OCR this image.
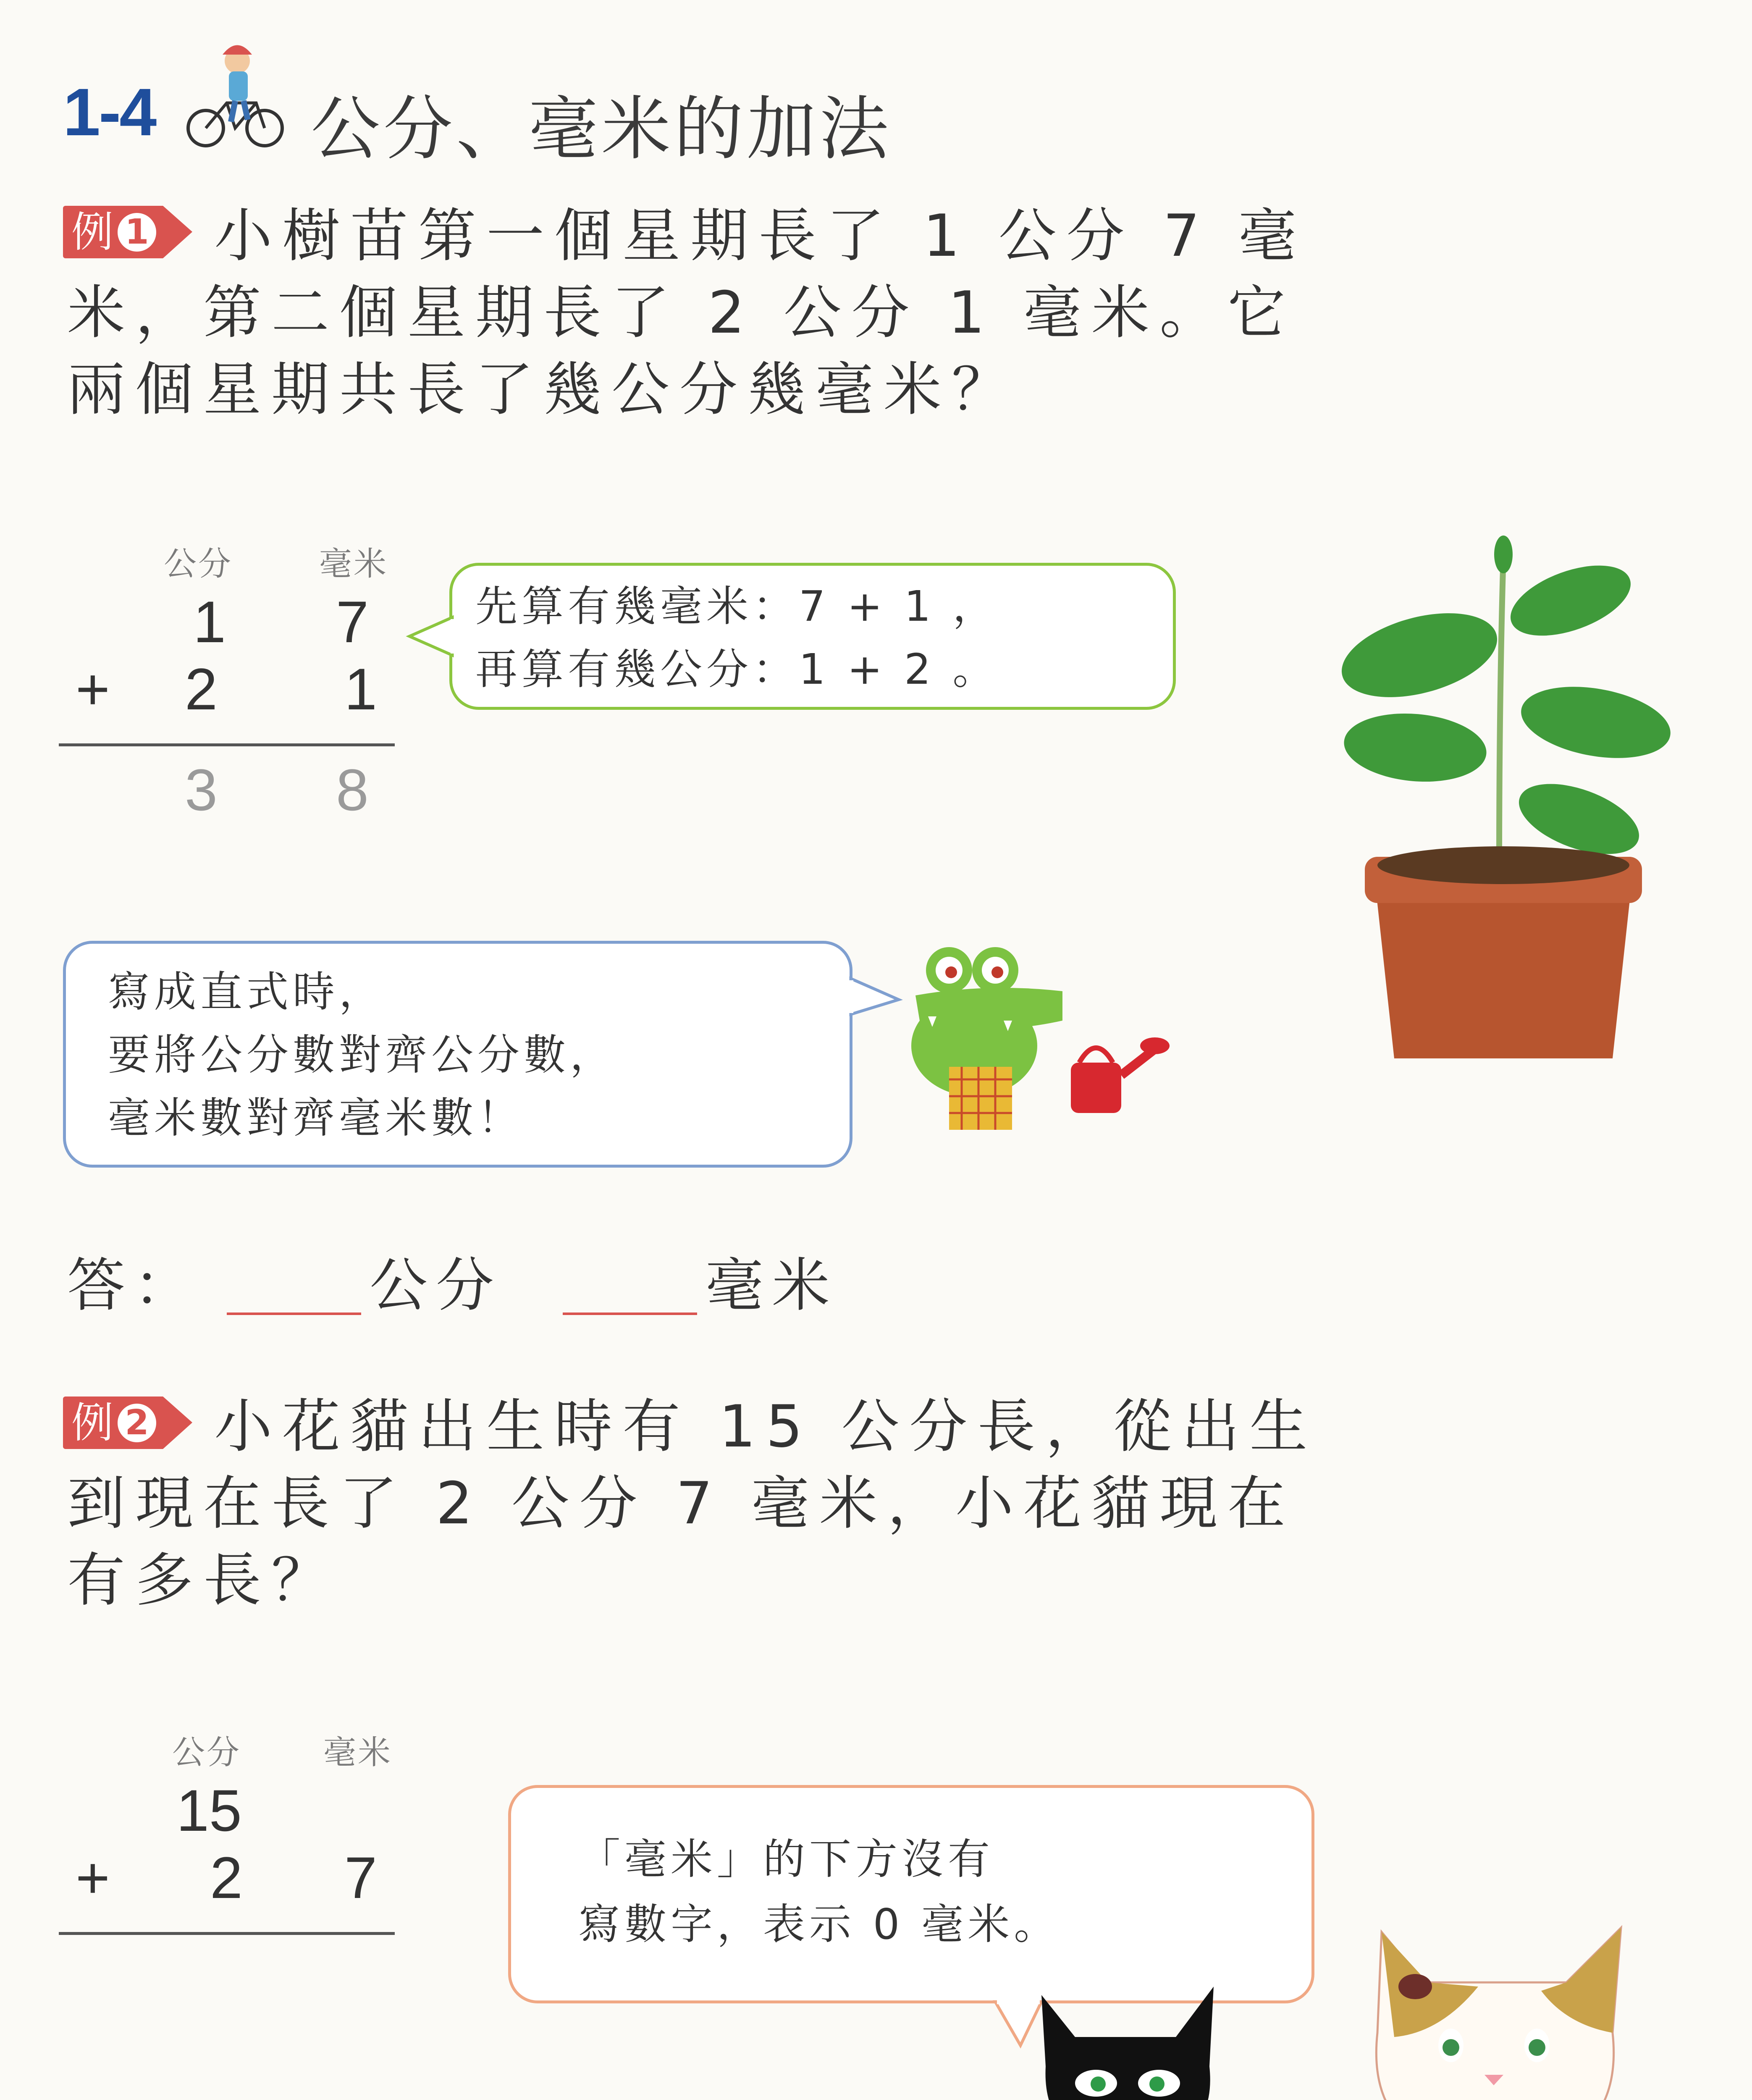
1-4 公分、毫米的加法
例 1 小樹苗第一個星期長了 1 公分 7 毫
米，第二個星期長了 2 公分 1 毫米。它
兩個星期共長了幾公分幾毫米？
公分	毫米
1 7
+ 2 1
3 8
先算有幾毫米：7 + 1 ，
再算有幾公分：1 + 2 。
寫成直式時，
要將公分數對齊公分數，
毫米數對齊毫米數！
答：	公分	毫米
例 2 小花貓出生時有 15 公分長，從出生
到現在長了 2 公分 7 毫米，小花貓現在
有多長？
公分	毫米
15
+ 2 7	「毫米」的下方沒有
寫數字，表示 0 毫米。
